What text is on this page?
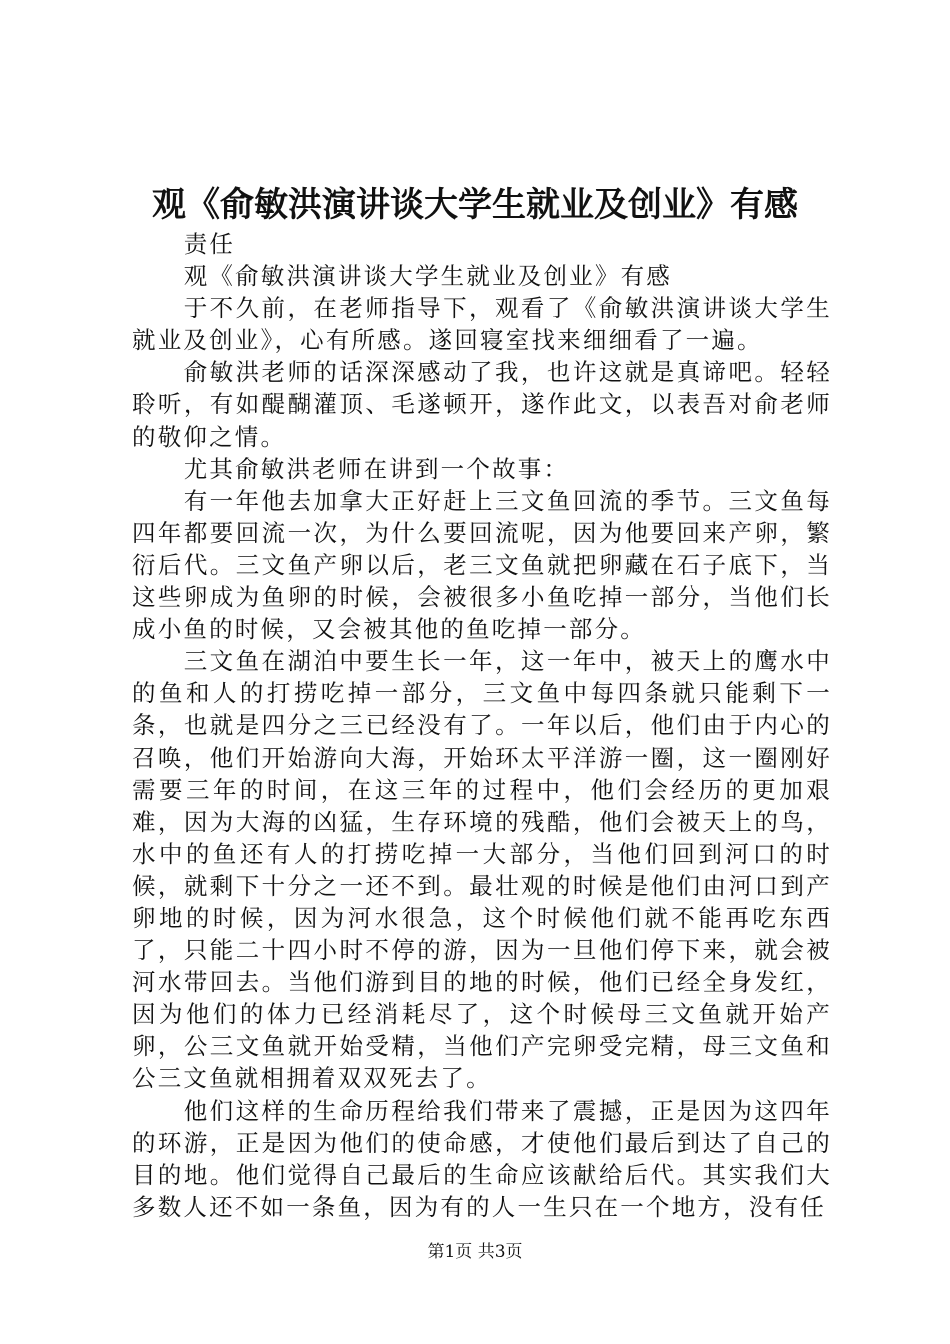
观《俞敏洪演讲谈大学生就业及创业》有感

责任

观《俞敏洪演讲谈大学生就业及创业》有感

于不久前，在老师指导下，观看了《俞敏洪演讲谈大学生就业及创业》，心有所感。遂回寝室找来细细看了一遍。

俞敏洪老师的话深深感动了我，也许这就是真谛吧。轻轻聆听，有如醍醐灌顶、毛遂顿开，遂作此文，以表吾对俞老师的敬仰之情。

尤其俞敏洪老师在讲到一个故事：

有一年他去加拿大正好赶上三文鱼回流的季节。三文鱼每四年都要回流一次，为什么要回流呢，因为他要回来产卵，繁衍后代。三文鱼产卵以后，老三文鱼就把卵藏在石子底下，当这些卵成为鱼卵的时候，会被很多小鱼吃掉一部分，当他们长成小鱼的时候，又会被其他的鱼吃掉一部分。

三文鱼在湖泊中要生长一年，这一年中，被天上的鹰水中的鱼和人的打捞吃掉一部分，三文鱼中每四条就只能剩下一条，也就是四分之三已经没有了。一年以后，他们由于内心的召唤，他们开始游向大海，开始环太平洋游一圈，这一圈刚好需要三年的时间，在这三年的过程中，他们会经历的更加艰难，因为大海的凶猛，生存环境的残酷，他们会被天上的鸟，水中的鱼还有人的打捞吃掉一大部分，当他们回到河口的时候，就剩下十分之一还不到。最壮观的时候是他们由河口到产卵地的时候，因为河水很急，这个时候他们就不能再吃东西了，只能二十四小时不停的游，因为一旦他们停下来，就会被河水带回去。当他们游到目的地的时候，他们已经全身发红，因为他们的体力已经消耗尽了，这个时候母三文鱼就开始产卵，公三文鱼就开始受精，当他们产完卵受完精，母三文鱼和公三文鱼就相拥着双双死去了。

他们这样的生命历程给我们带来了震撼，正是因为这四年的环游，正是因为他们的使命感，才使他们最后到达了自己的目的地。他们觉得自己最后的生命应该献给后代。其实我们大多数人还不如一条鱼，因为有的人一生只在一个地方，没有任

第1页 共3页
